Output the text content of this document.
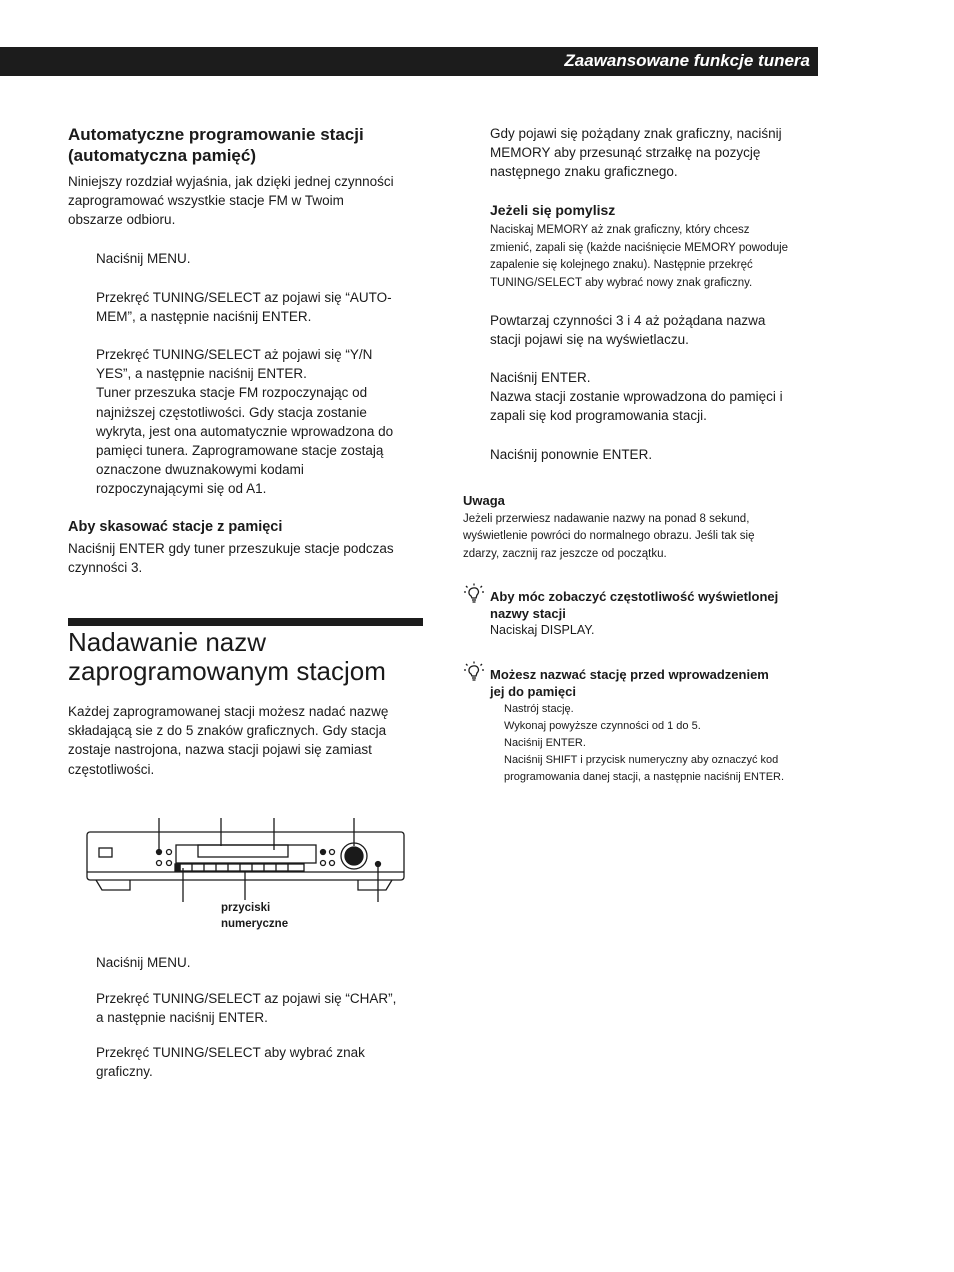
Zaawansowane funkcje tunera

Automatyczne programowanie stacji
(automatyczna pamięć)

Niniejszy rozdział wyjaśnia, jak dzięki jednej czynności
zaprogramować wszystkie stacje FM w Twoim
obszarze odbioru.

Naciśnij MENU.

Przekręć TUNING/SELECT az pojawi się “AUTO-
MEM”, a następnie naciśnij ENTER.

Przekręć TUNING/SELECT aż pojawi się “Y/N
YES”, a następnie naciśnij ENTER.
Tuner przeszuka stacje FM rozpoczynając od
najniższej częstotliwości. Gdy stacja zostanie
wykryta, jest ona automatycznie wprowadzona do
pamięci tunera. Zaprogramowane stacje zostają
oznaczone dwuznakowymi kodami
rozpoczynającymi się od A1.

Aby skasować stacje z pamięci

Naciśnij ENTER gdy tuner przeszukuje stacje podczas
czynności 3.

Nadawanie nazw
zaprogramowanym stacjom

Każdej zaprogramowanej stacji możesz nadać nazwę
składającą sie z do 5 znaków graficznych. Gdy stacja
zostaje nastrojona, nazwa stacji pojawi się zamiast
częstotliwości.

przyciski
numeryczne

Naciśnij MENU.

Przekręć TUNING/SELECT az pojawi się “CHAR”,
a następnie naciśnij ENTER.

Przekręć TUNING/SELECT aby wybrać znak
graficzny.

Gdy pojawi się pożądany znak graficzny, naciśnij
MEMORY aby przesunąć strzałkę na pozycję
następnego znaku graficznego.

Jeżeli się pomylisz

Naciskaj MEMORY aż znak graficzny, który chcesz
zmienić, zapali się (każde naciśnięcie MEMORY powoduje
zapalenie się kolejnego znaku). Następnie przekręć
TUNING/SELECT aby wybrać nowy znak graficzny.

Powtarzaj czynności 3 i 4 aż pożądana nazwa
stacji pojawi się na wyświetlaczu.

Naciśnij ENTER.
Nazwa stacji zostanie wprowadzona do pamięci i
zapali się kod programowania stacji.

Naciśnij ponownie ENTER.

Uwaga

Jeżeli przerwiesz nadawanie nazwy na ponad 8 sekund,
wyświetlenie powróci do normalnego obrazu. Jeśli tak się
zdarzy, zacznij raz jeszcze od początku.

Aby móc zobaczyć częstotliwość wyświetlonej
nazwy stacji

Naciskaj DISPLAY.

Możesz nazwać stację przed wprowadzeniem
jej do pamięci

Nastrój stację.
Wykonaj powyższe czynności od 1 do 5.
Naciśnij ENTER.
Naciśnij SHIFT i przycisk numeryczny aby oznaczyć kod
programowania danej stacji, a następnie naciśnij ENTER.
